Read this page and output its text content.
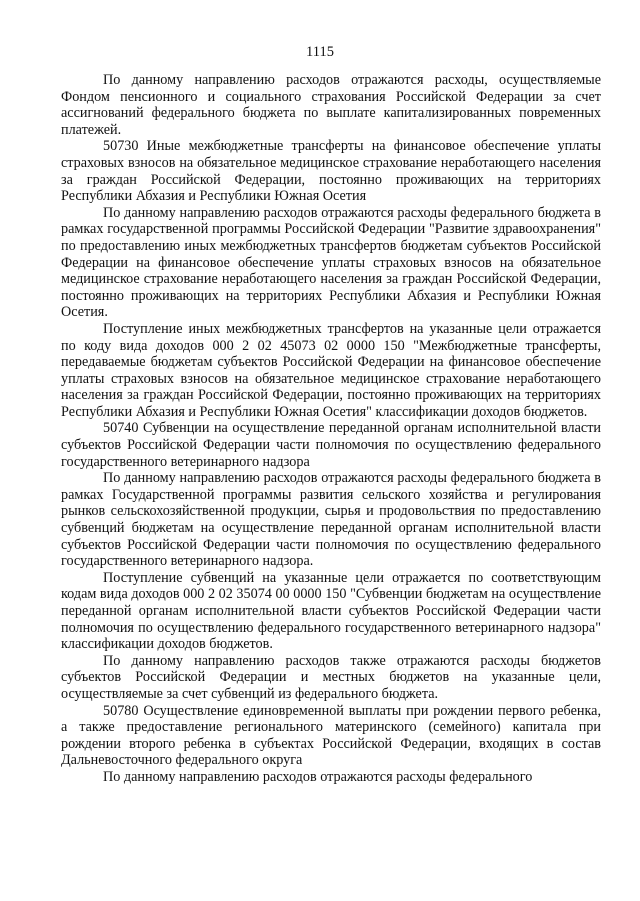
1115

По данному направлению расходов отражаются расходы, осуществляемые Фондом пенсионного и социального страхования Российской Федерации за счет ассигнований федерального бюджета по выплате капитализированных повременных платежей.

50730 Иные межбюджетные трансферты на финансовое обеспечение уплаты страховых взносов на обязательное медицинское страхование неработающего населения за граждан Российской Федерации, постоянно проживающих на территориях Республики Абхазия и Республики Южная Осетия

По данному направлению расходов отражаются расходы федерального бюджета в рамках государственной программы Российской Федерации "Развитие здравоохранения" по предоставлению иных межбюджетных трансфертов бюджетам субъектов Российской Федерации на финансовое обеспечение уплаты страховых взносов на обязательное медицинское страхование неработающего населения за граждан Российской Федерации, постоянно проживающих на территориях Республики Абхазия и Республики Южная Осетия.

Поступление иных межбюджетных трансфертов на указанные цели отражается по коду вида доходов 000 2 02 45073 02 0000 150 "Межбюджетные трансферты, передаваемые бюджетам субъектов Российской Федерации на финансовое обеспечение уплаты страховых взносов на обязательное медицинское страхование неработающего населения за граждан Российской Федерации, постоянно проживающих на территориях Республики Абхазия и Республики Южная Осетия" классификации доходов бюджетов.

50740 Субвенции на осуществление переданной органам исполнительной власти субъектов Российской Федерации части полномочия по осуществлению федерального государственного ветеринарного надзора

По данному направлению расходов отражаются расходы федерального бюджета в рамках Государственной программы развития сельского хозяйства и регулирования рынков сельскохозяйственной продукции, сырья и продовольствия по предоставлению субвенций бюджетам на осуществление переданной органам исполнительной власти субъектов Российской Федерации части полномочия по осуществлению федерального государственного ветеринарного надзора.

Поступление субвенций на указанные цели отражается по соответствующим кодам вида доходов 000 2 02 35074 00 0000 150 "Субвенции бюджетам на осуществление переданной органам исполнительной власти субъектов Российской Федерации части полномочия по осуществлению федерального государственного ветеринарного надзора" классификации доходов бюджетов.

По данному направлению расходов также отражаются расходы бюджетов субъектов Российской Федерации и местных бюджетов на указанные цели, осуществляемые за счет субвенций из федерального бюджета.

50780 Осуществление единовременной выплаты при рождении первого ребенка, а также предоставление регионального материнского (семейного) капитала при рождении второго ребенка в субъектах Российской Федерации, входящих в состав Дальневосточного федерального округа

По данному направлению расходов отражаются расходы федерального
